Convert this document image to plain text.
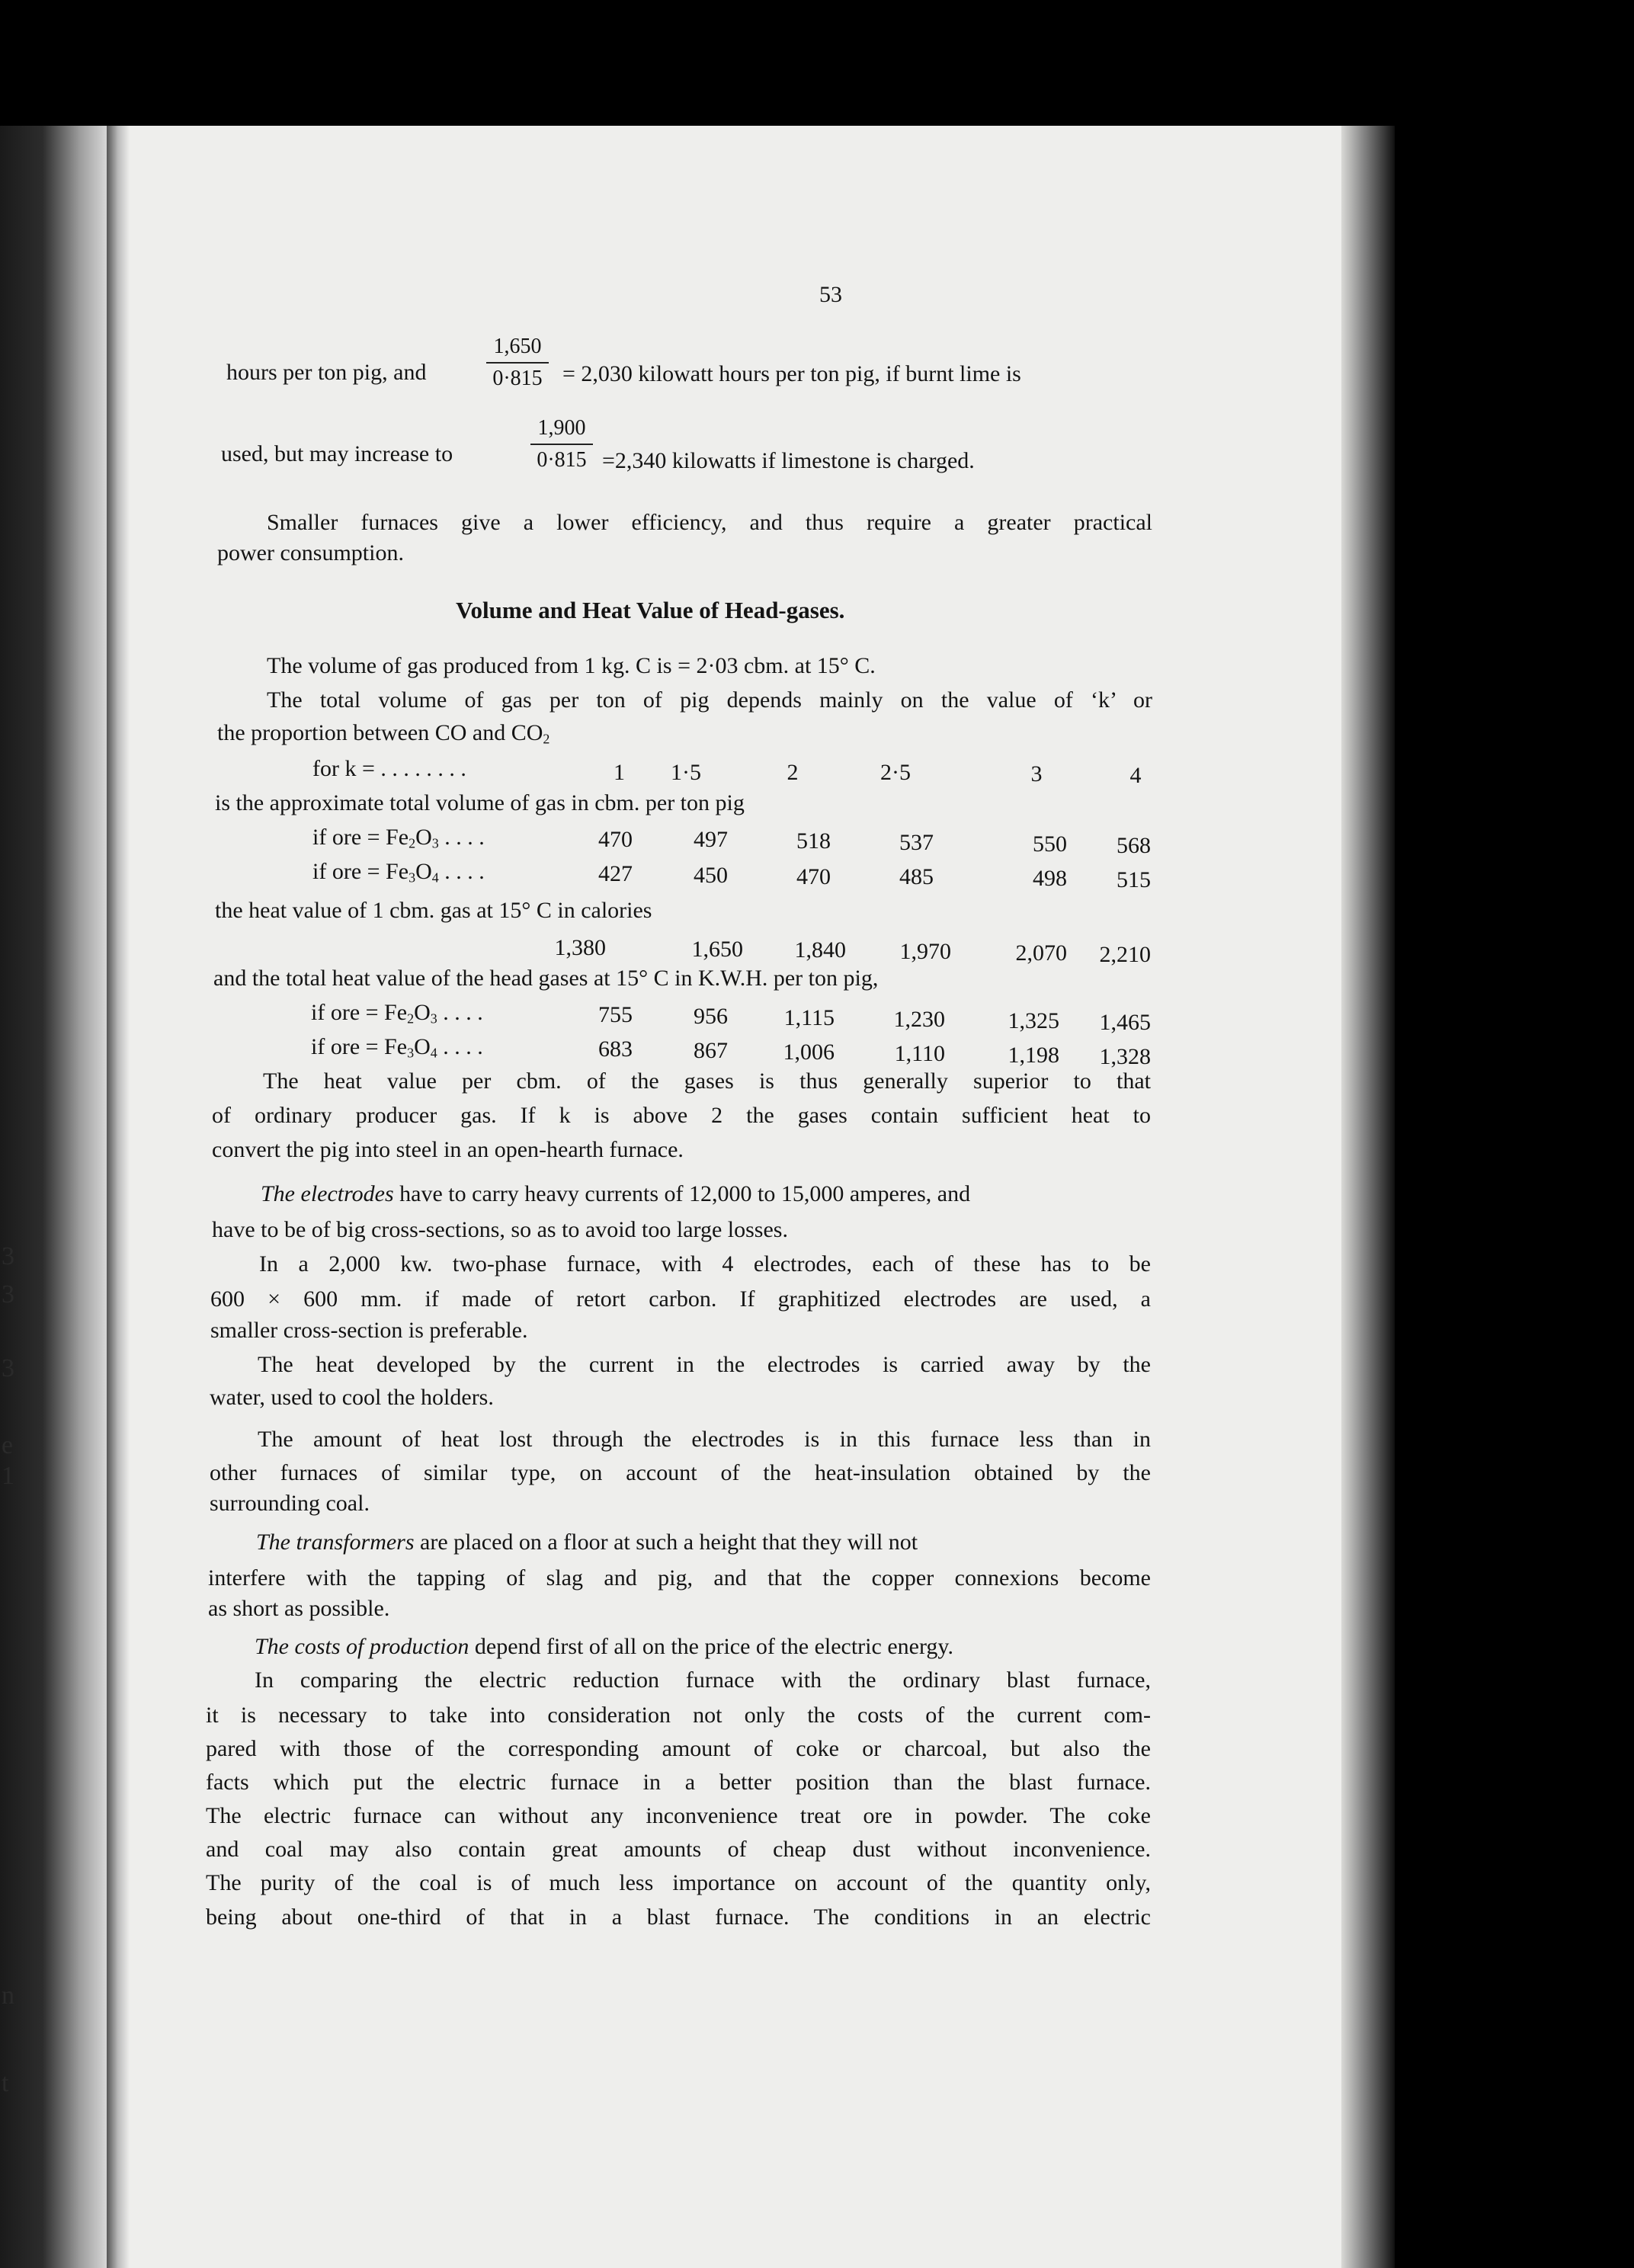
3
3
3
e
1
n
t
53
hours per ton pig, and
1,650
0·815 = 2,030 kilowatt hours per ton pig, if burnt lime is
used, but may increase to
1,900
0·815 =2,340 kilowatts if limestone is charged.
Smaller furnaces give a lower efficiency, and thus require a greater practical
power consumption.
Volume and Heat Value of Head-gases.
The volume of gas produced from 1 kg. C is = 2·03 cbm. at 15° C.
The total volume of gas per ton of pig depends mainly on the value of ‘k’ or
the proportion between CO and $CO_2$
for k = . . . . . . . .	1	1·5	2	2·5	3	4
is the approximate total volume of gas in cbm. per ton pig
if ore = $Fe_2O_3$ . . . .	470	497	518	537	550	568
if ore = $Fe_3O_4$ . . . .	427	450	470	485	498	515
the heat value of 1 cbm. gas at 15° C in calories
1,380	1,650	1,840	1,970	2,070	2,210
and the total heat value of the head gases at 15° C in K.W.H. per ton pig,
if ore = $Fe_2O_3$ . . . .	755	956	1,115	1,230	1,325	1,465
if ore = $Fe_3O_4$ . . . .	683	867	1,006	1,110	1,198	1,328
The heat value per cbm. of the gases is thus generally superior to that
of ordinary producer gas. If k is above 2 the gases contain sufficient heat to
convert the pig into steel in an open-hearth furnace.
The electrodes have to carry heavy currents of 12,000 to 15,000 amperes, and
have to be of big cross-sections, so as to avoid too large losses.
In a 2,000 kw. two-phase furnace, with 4 electrodes, each of these has to be
600 × 600 mm. if made of retort carbon. If graphitized electrodes are used, a
smaller cross-section is preferable.
The heat developed by the current in the electrodes is carried away by the
water, used to cool the holders.
The amount of heat lost through the electrodes is in this furnace less than in
other furnaces of similar type, on account of the heat-insulation obtained by the
surrounding coal.
The transformers are placed on a floor at such a height that they will not
interfere with the tapping of slag and pig, and that the copper connexions become
as short as possible.
The costs of production depend first of all on the price of the electric energy.
In comparing the electric reduction furnace with the ordinary blast furnace,
it is necessary to take into consideration not only the costs of the current com-
pared with those of the corresponding amount of coke or charcoal, but also the
facts which put the electric furnace in a better position than the blast furnace.
The electric furnace can without any inconvenience treat ore in powder. The coke
and coal may also contain great amounts of cheap dust without inconvenience.
The purity of the coal is of much less importance on account of the quantity only,
being about one-third of that in a blast furnace. The conditions in an electric
